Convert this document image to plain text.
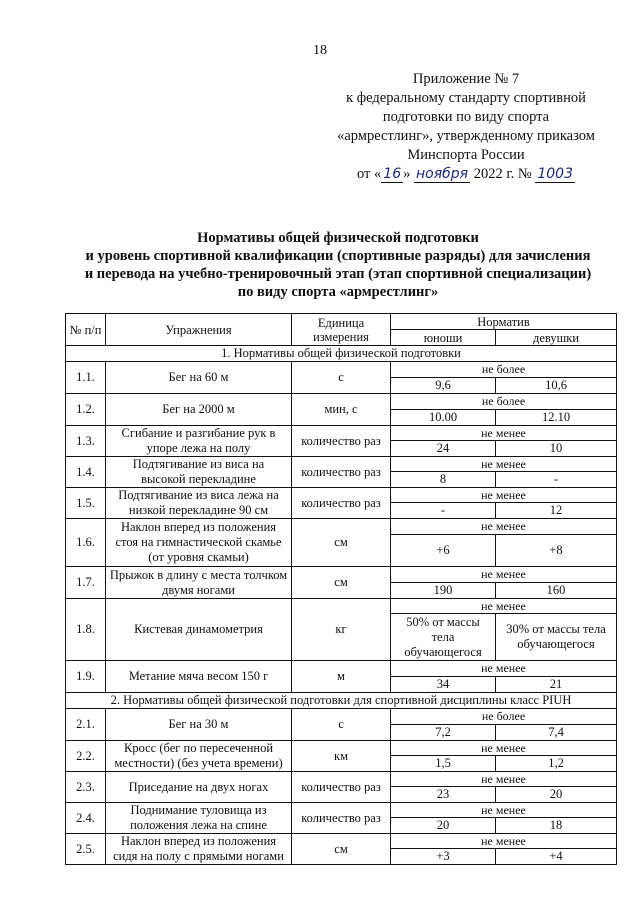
18
Приложение № 7
к федеральному стандарту спортивной
подготовки по виду спорта
«армрестлинг», утвержденному приказом
Минспорта России
от « 16 » ноября 2022 г. № 1003
Нормативы общей физической подготовки
и уровень спортивной квалификации (спортивные разряды) для зачисления
и перевода на учебно-тренировочный этап (этап спортивной специализации)
по виду спорта «армрестлинг»
№ п/п	Упражнения	Единица измерения	Норматив	
			юноши	девушки
1. Нормативы общей физической подготовки				
1.1.	Бег на 60 м	с	не более	
			9,6	10,6
1.2.	Бег на 2000 м	мин, с	не более	
			10.00	12.10
1.3.	Сгибание и разгибание рук в упоре лежа на полу	количество раз	не менее	
			24	10
1.4.	Подтягивание из виса на высокой перекладине	количество раз	не менее	
			8	-
1.5.	Подтягивание из виса лежа на низкой перекладине 90 см	количество раз	не менее	
			-	12
1.6.	Наклон вперед из положения стоя на гимнастической скамье (от уровня скамьи)	см	не менее	
			+6	+8
1.7.	Прыжок в длину с места толчком двумя ногами	см	не менее	
			190	160
1.8.	Кистевая динамометрия	кг	не менее	
			50% от массы тела обучающегося	30% от массы тела обучающегося
1.9.	Метание мяча весом 150 г	м	не менее	
			34	21
2. Нормативы общей физической подготовки для спортивной дисциплины класс PIUH				
2.1.	Бег на 30 м	с	не более	
			7,2	7,4
2.2.	Кросс (бег по пересеченной местности) (без учета времени)	км	не менее	
			1,5	1,2
2.3.	Приседание на двух ногах	количество раз	не менее	
			23	20
2.4.	Поднимание туловища из положения лежа на спине	количество раз	не менее	
			20	18
2.5.	Наклон вперед из положения сидя на полу с прямыми ногами	см	не менее	
			+3	+4
